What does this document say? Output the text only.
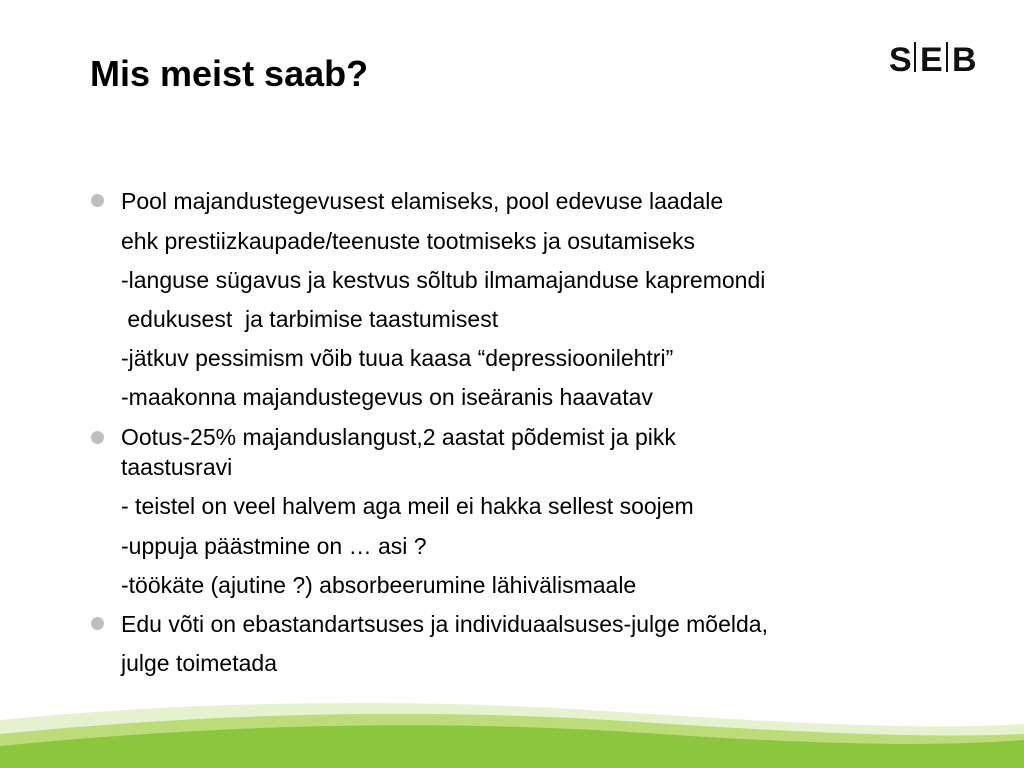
Mis meist saab?	S E B
Pool majandustegevusest elamiseks, pool edevuse laadale
ehk prestiizkaupade/teenuste tootmiseks ja osutamiseks
-languse sügavus ja kestvus sõltub ilmamajanduse kapremondi
edukusest  ja tarbimise taastumisest
-jätkuv pessimism võib tuua kaasa “depressioonilehtri”
-maakonna majandustegevus on iseäranis haavatav
Ootus-25% majanduslangust,2 aastat põdemist ja pikk
taastusravi
- teistel on veel halvem aga meil ei hakka sellest soojem
-uppuja päästmine on … asi ?
-töökäte (ajutine ?) absorbeerumine lähivälismaale
Edu võti on ebastandartsuses ja individuaalsuses-julge mõelda,
julge toimetada
